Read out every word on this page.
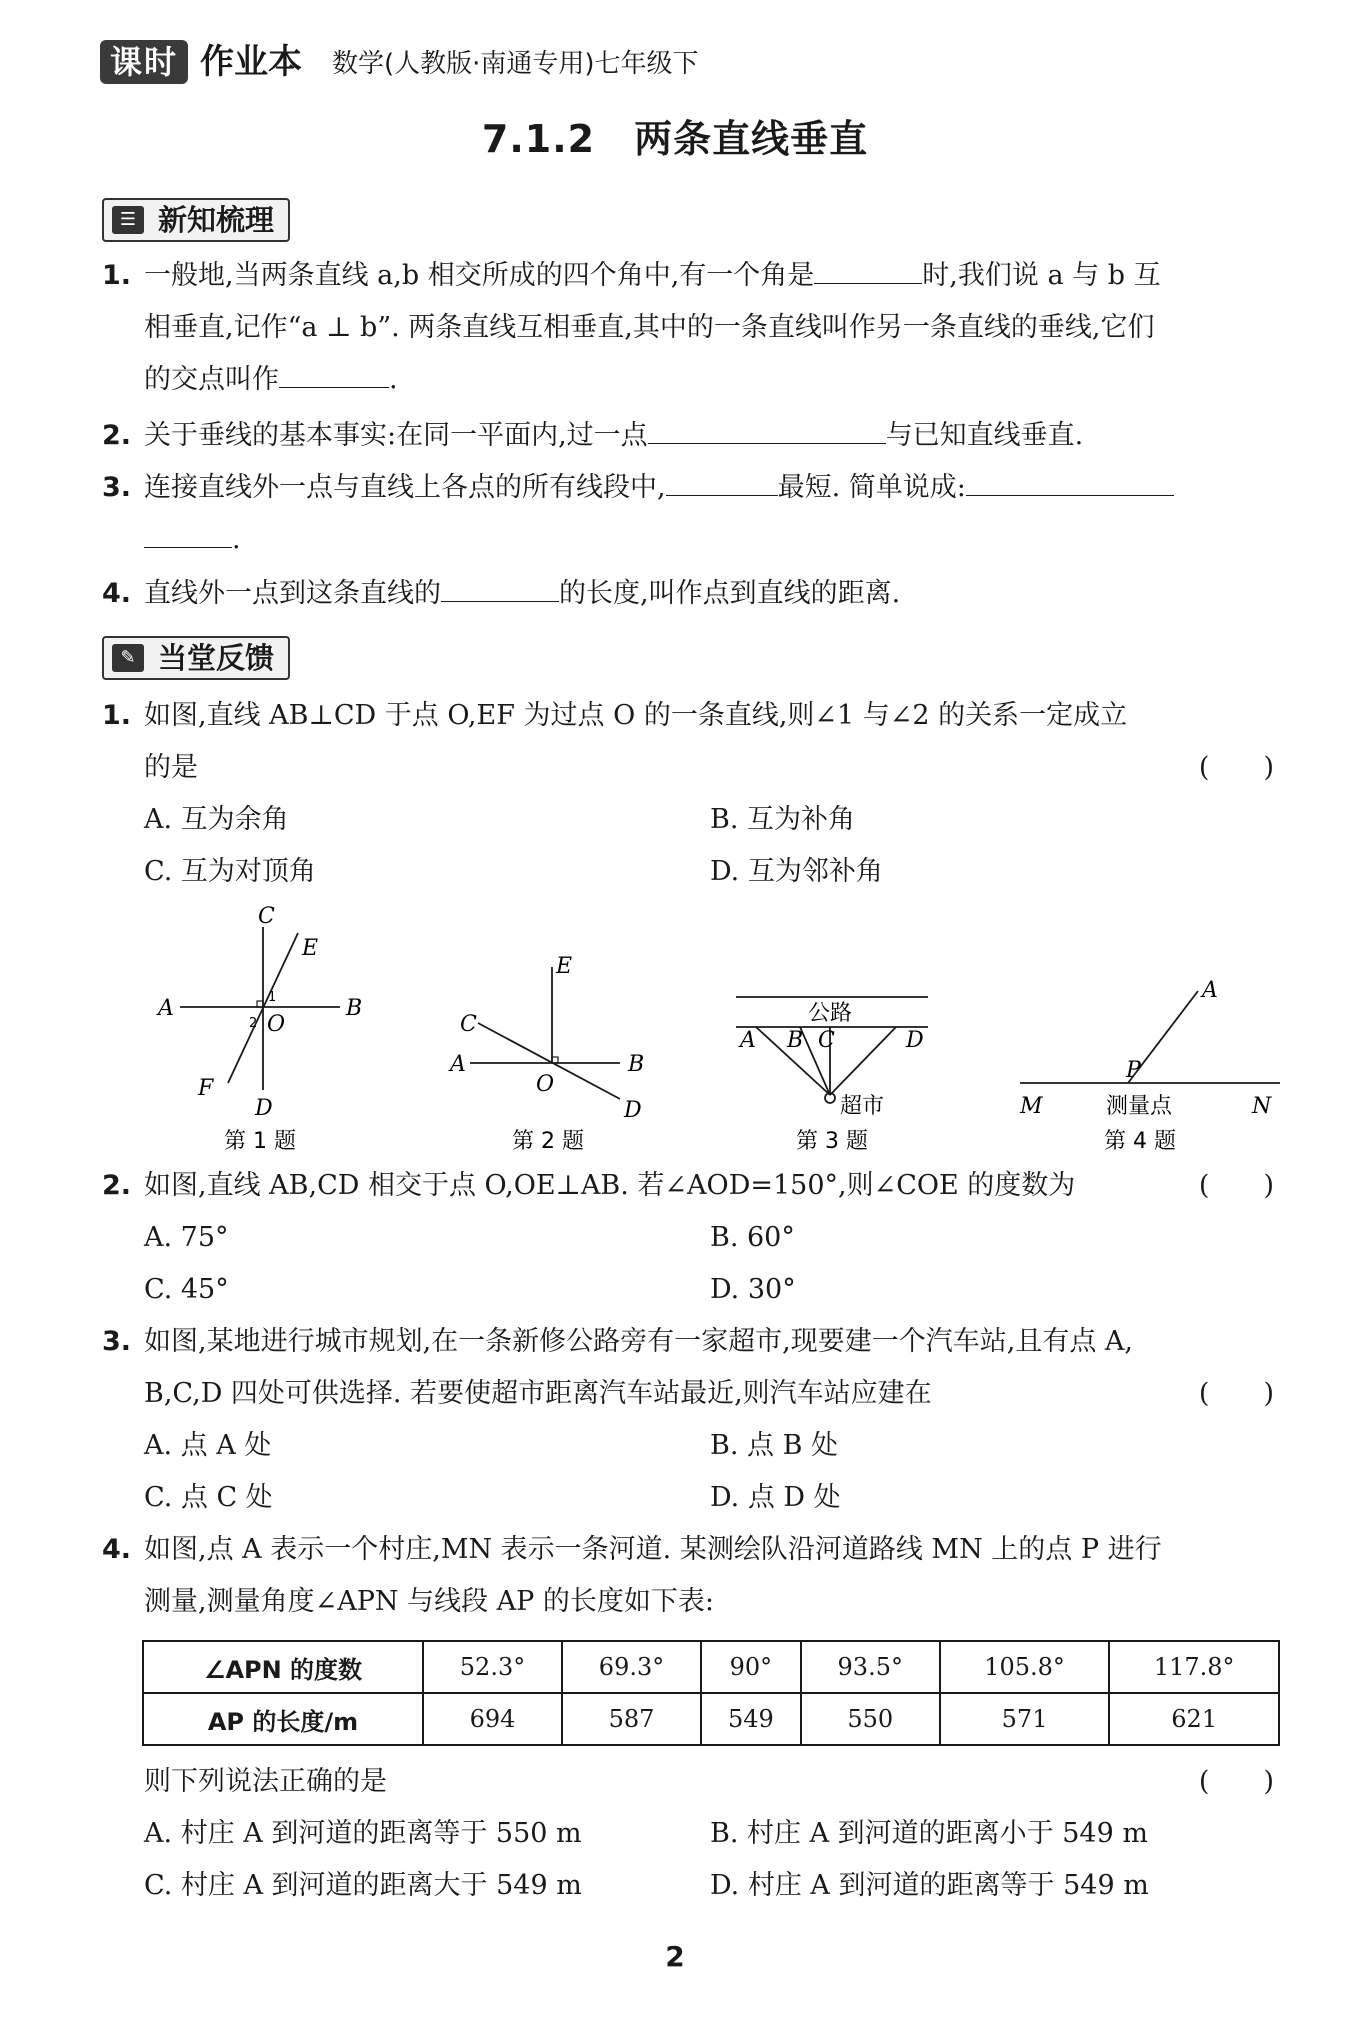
课时 作业本 数学(人教版·南通专用)七年级下
7.1.2　两条直线垂直
☰ 新知梳理
1. 一般地,当两条直线 a,b 相交所成的四个角中,有一个角是	时,我们说 a 与 b 互
相垂直,记作“a ⊥ b”. 两条直线互相垂直,其中的一条直线叫作另一条直线的垂线,它们
的交点叫作	.
2. 关于垂线的基本事实:在同一平面内,过一点	与已知直线垂直.
3. 连接直线外一点与直线上各点的所有线段中,	最短. 简单说成:
.
4. 直线外一点到这条直线的	的长度,叫作点到直线的距离.
✎ 当堂反馈
1. 如图,直线 AB⊥CD 于点 O,EF 为过点 O 的一条直线,则∠1 与∠2 的关系一定成立
的是	(　　)
A. 互为余角	B. 互为补角
C. 互为对顶角	D. 互为邻补角
C
E
A	B
O
1
2
F
D
第 1 题
E
C
A	B
O
D
第 2 题
公路
A B C	D
超市
第 3 题
A
P
M	N
测量点
第 4 题
2. 如图,直线 AB,CD 相交于点 O,OE⊥AB. 若∠AOD=150°,则∠COE 的度数为	(　　)
A. 75°	B. 60°
C. 45°	D. 30°
3. 如图,某地进行城市规划,在一条新修公路旁有一家超市,现要建一个汽车站,且有点 A,
B,C,D 四处可供选择. 若要使超市距离汽车站最近,则汽车站应建在	(　　)
A. 点 A 处	B. 点 B 处
C. 点 C 处	D. 点 D 处
4. 如图,点 A 表示一个村庄,MN 表示一条河道. 某测绘队沿河道路线 MN 上的点 P 进行
测量,测量角度∠APN 与线段 AP 的长度如下表:
∠APN 的度数	52.3°	69.3°	90°	93.5°	105.8°	117.8°
AP 的长度/m	694	587	549	550	571	621
则下列说法正确的是	(　　)
A. 村庄 A 到河道的距离等于 550 m	B. 村庄 A 到河道的距离小于 549 m
C. 村庄 A 到河道的距离大于 549 m	D. 村庄 A 到河道的距离等于 549 m
2
